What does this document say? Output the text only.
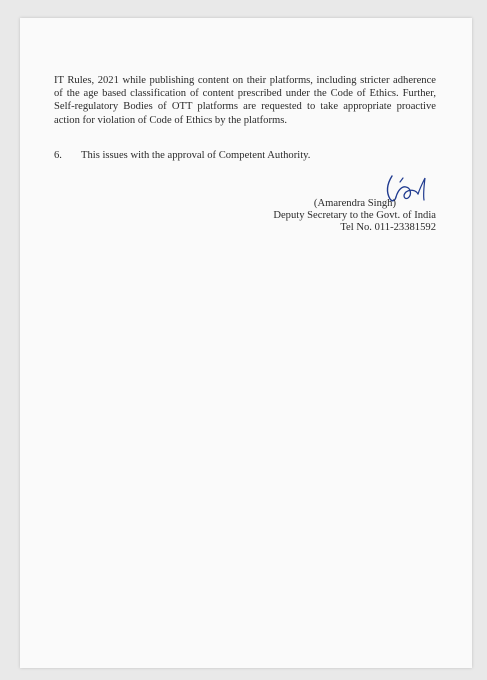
IT Rules, 2021 while publishing content on their platforms, including stricter adherence of the age based classification of content prescribed under the Code of Ethics. Further, Self-regulatory Bodies of OTT platforms are requested to take appropriate proactive action for violation of Code of Ethics by the platforms.

6. This issues with the approval of Competent Authority.
(Amarendra Singh)
Deputy Secretary to the Govt. of India
Tel No. 011-23381592
